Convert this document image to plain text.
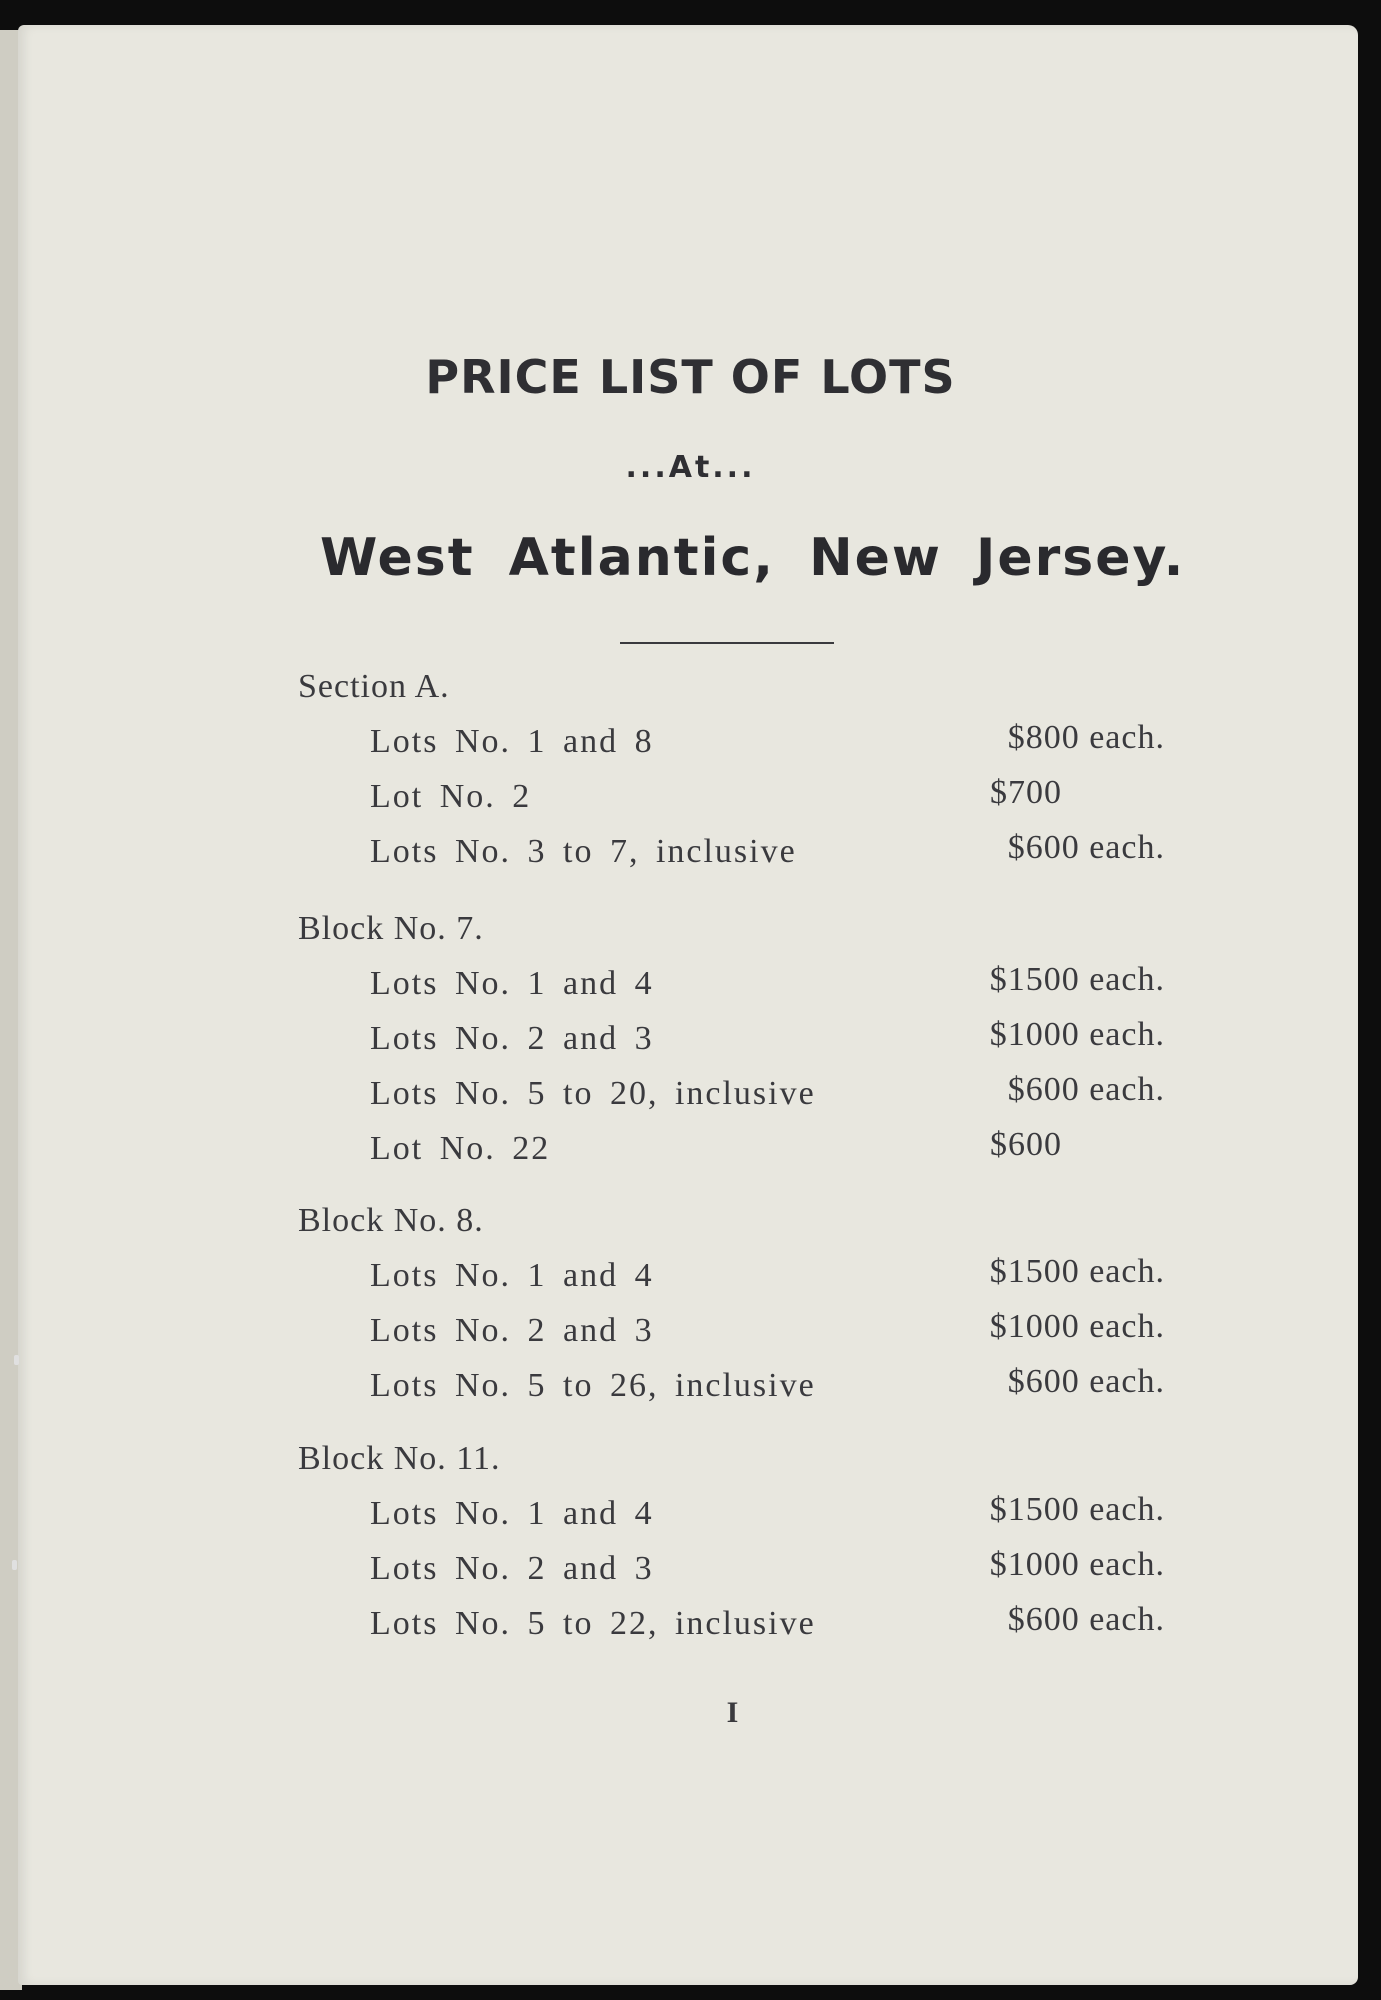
PRICE LIST OF LOTS
...At...
West Atlantic, New Jersey.
Section A.
Lots No. 1 and 8	$800 each.
Lot No. 2	$700
Lots No. 3 to 7, inclusive	$600 each.
Block No. 7.
Lots No. 1 and 4	$1500 each.
Lots No. 2 and 3	$1000 each.
Lots No. 5 to 20, inclusive	$600 each.
Lot No. 22	$600
Block No. 8.
Lots No. 1 and 4	$1500 each.
Lots No. 2 and 3	$1000 each.
Lots No. 5 to 26, inclusive	$600 each.
Block No. 11.
Lots No. 1 and 4	$1500 each.
Lots No. 2 and 3	$1000 each.
Lots No. 5 to 22, inclusive	$600 each.
I
